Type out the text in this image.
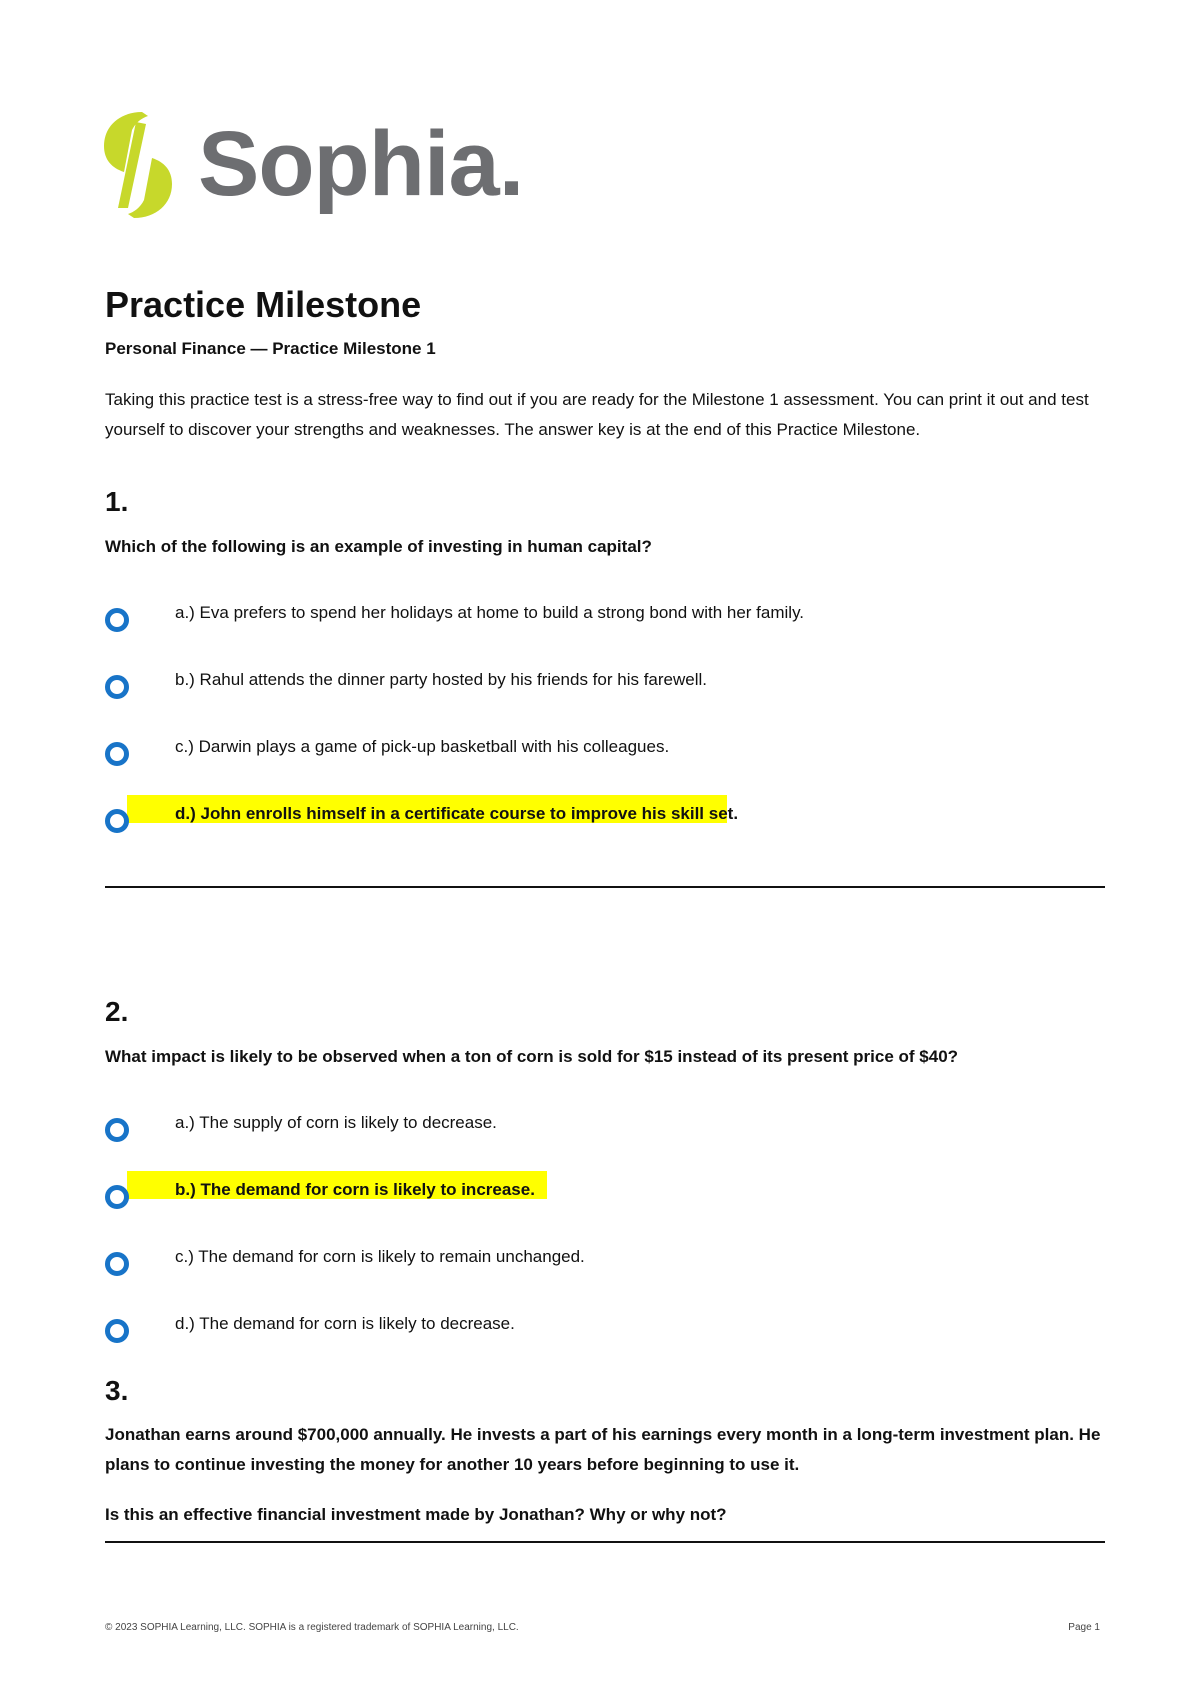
Sophia.
Practice Milestone
Personal Finance — Practice Milestone 1
Taking this practice test is a stress-free way to find out if you are ready for the Milestone 1 assessment. You can print it out and test yourself to discover your strengths and weaknesses. The answer key is at the end of this Practice Milestone.
1.
Which of the following is an example of investing in human capital?
a.) Eva prefers to spend her holidays at home to build a strong bond with her family.
b.) Rahul attends the dinner party hosted by his friends for his farewell.
c.) Darwin plays a game of pick-up basketball with his colleagues.
d.) John enrolls himself in a certificate course to improve his skill set.
2.
What impact is likely to be observed when a ton of corn is sold for $15 instead of its present price of $40?
a.) The supply of corn is likely to decrease.
b.) The demand for corn is likely to increase.
c.) The demand for corn is likely to remain unchanged.
d.) The demand for corn is likely to decrease.
3.
Jonathan earns around $700,000 annually. He invests a part of his earnings every month in a long-term investment plan. He plans to continue investing the money for another 10 years before beginning to use it.
Is this an effective financial investment made by Jonathan? Why or why not?
© 2023 SOPHIA Learning, LLC. SOPHIA is a registered trademark of SOPHIA Learning, LLC.	Page 1
